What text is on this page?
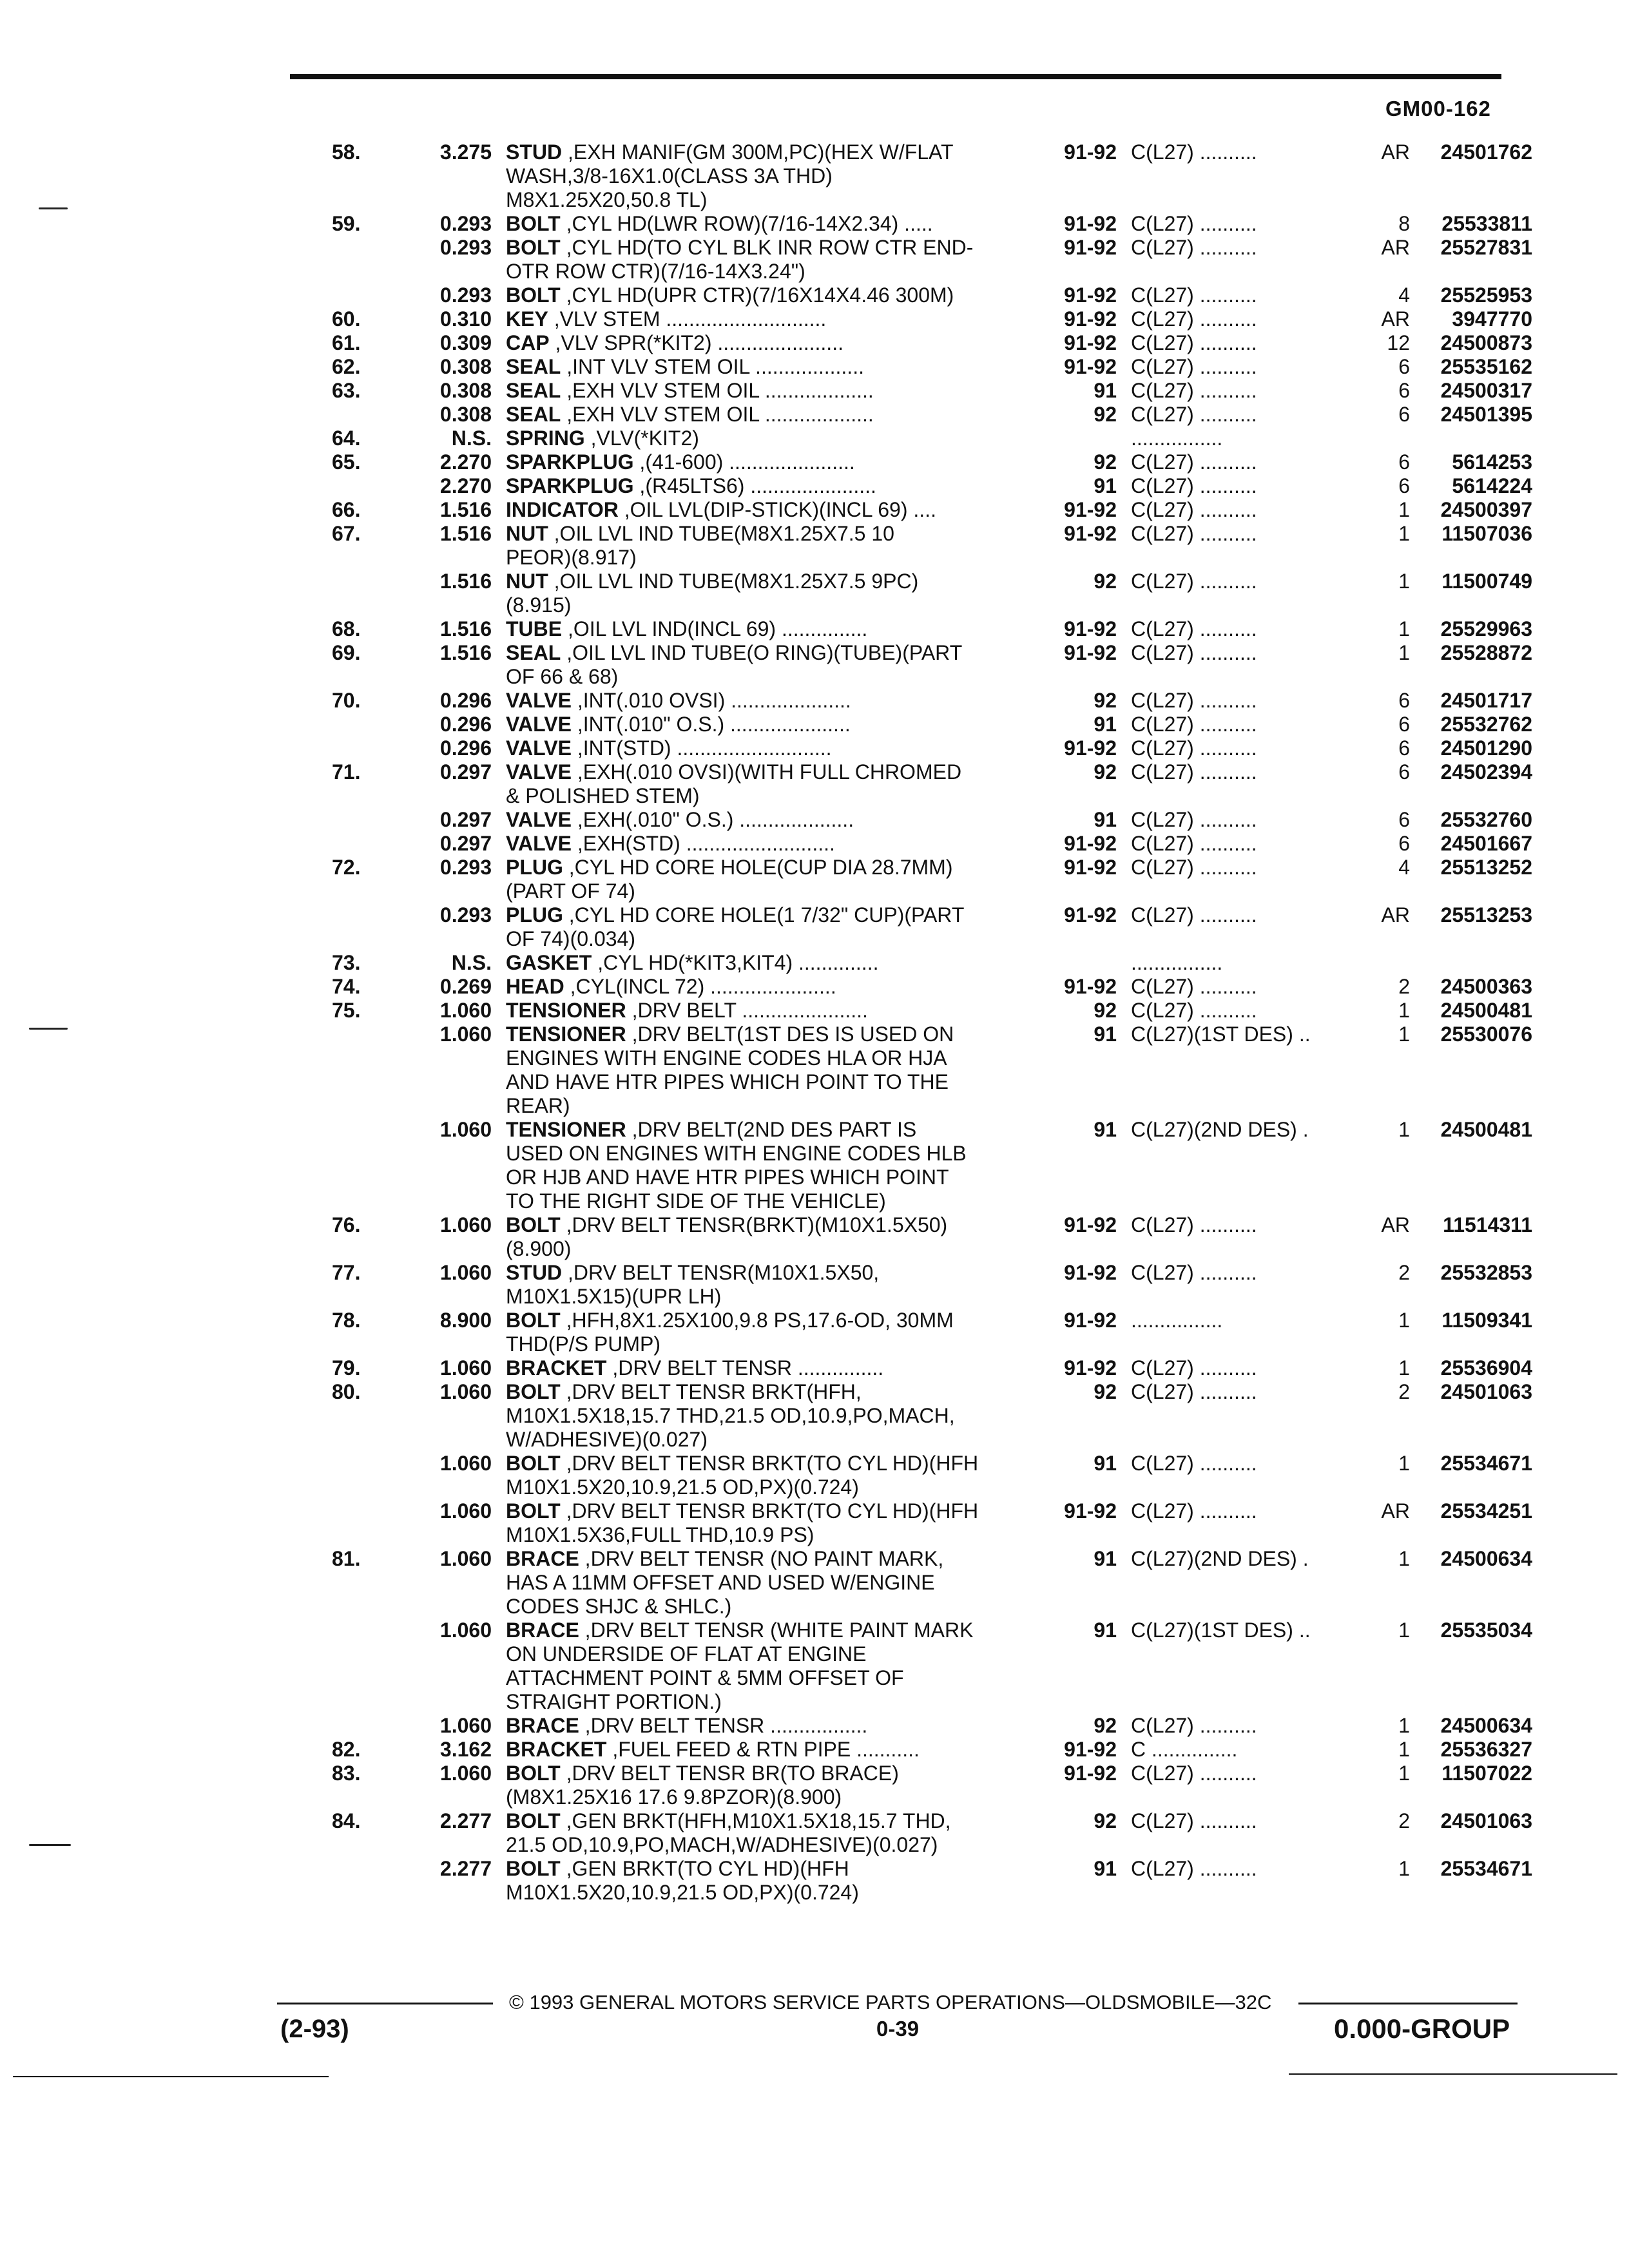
GM00-162
58.	3.275 STUD ,EXH MANIF(GM 300M,PC)(HEX W/FLAT	91-92 C(L27) ..........	AR 24501762
WASH,3/8-16X1.0(CLASS 3A THD)
M8X1.25X20,50.8 TL)
59.	0.293 BOLT ,CYL HD(LWR ROW)(7/16-14X2.34) .....	91-92 C(L27) ..........	8 25533811
0.293 BOLT ,CYL HD(TO CYL BLK INR ROW CTR END-	91-92 C(L27) ..........	AR 25527831
OTR ROW CTR)(7/16-14X3.24")
0.293 BOLT ,CYL HD(UPR CTR)(7/16X14X4.46 300M)	91-92 C(L27) ..........	4 25525953
60.	0.310 KEY ,VLV STEM ............................	91-92 C(L27) ..........	AR 3947770
61.	0.309 CAP ,VLV SPR(*KIT2) ......................	91-92 C(L27) ..........	12 24500873
62.	0.308 SEAL ,INT VLV STEM OIL ...................	91-92 C(L27) ..........	6 25535162
63.	0.308 SEAL ,EXH VLV STEM OIL ...................	91 C(L27) ..........	6 24500317
0.308 SEAL ,EXH VLV STEM OIL ...................	92 C(L27) ..........	6 24501395
64.	N.S. SPRING ,VLV(*KIT2)	................
65.	2.270 SPARKPLUG ,(41-600) ......................	92 C(L27) ..........	6 5614253
2.270 SPARKPLUG ,(R45LTS6) ......................	91 C(L27) ..........	6 5614224
66.	1.516 INDICATOR ,OIL LVL(DIP-STICK)(INCL 69) ....	91-92 C(L27) ..........	1 24500397
67.	1.516 NUT ,OIL LVL IND TUBE(M8X1.25X7.5 10	91-92 C(L27) ..........	1 11507036
PEOR)(8.917)
1.516 NUT ,OIL LVL IND TUBE(M8X1.25X7.5 9PC)	92 C(L27) ..........	1 11500749
(8.915)
68.	1.516 TUBE ,OIL LVL IND(INCL 69) ...............	91-92 C(L27) ..........	1 25529963
69.	1.516 SEAL ,OIL LVL IND TUBE(O RING)(TUBE)(PART	91-92 C(L27) ..........	1 25528872
OF 66 & 68)
70.	0.296 VALVE ,INT(.010 OVSI) .....................	92 C(L27) ..........	6 24501717
0.296 VALVE ,INT(.010" O.S.) .....................	91 C(L27) ..........	6 25532762
0.296 VALVE ,INT(STD) ...........................	91-92 C(L27) ..........	6 24501290
71.	0.297 VALVE ,EXH(.010 OVSI)(WITH FULL CHROMED	92 C(L27) ..........	6 24502394
& POLISHED STEM)
0.297 VALVE ,EXH(.010" O.S.) ....................	91 C(L27) ..........	6 25532760
0.297 VALVE ,EXH(STD) ..........................	91-92 C(L27) ..........	6 24501667
72.	0.293 PLUG ,CYL HD CORE HOLE(CUP DIA 28.7MM)	91-92 C(L27) ..........	4 25513252
(PART OF 74)
0.293 PLUG ,CYL HD CORE HOLE(1 7/32" CUP)(PART	91-92 C(L27) ..........	AR 25513253
OF 74)(0.034)
73.	N.S. GASKET ,CYL HD(*KIT3,KIT4) ..............	................
74.	0.269 HEAD ,CYL(INCL 72) ......................	91-92 C(L27) ..........	2 24500363
75.	1.060 TENSIONER ,DRV BELT ......................	92 C(L27) ..........	1 24500481
1.060 TENSIONER ,DRV BELT(1ST DES IS USED ON	91 C(L27)(1ST DES) ..	1 25530076
ENGINES WITH ENGINE CODES HLA OR HJA
AND HAVE HTR PIPES WHICH POINT TO THE
REAR)
1.060 TENSIONER ,DRV BELT(2ND DES PART IS	91 C(L27)(2ND DES) .	1 24500481
USED ON ENGINES WITH ENGINE CODES HLB
OR HJB AND HAVE HTR PIPES WHICH POINT
TO THE RIGHT SIDE OF THE VEHICLE)
76.	1.060 BOLT ,DRV BELT TENSR(BRKT)(M10X1.5X50)	91-92 C(L27) ..........	AR 11514311
(8.900)
77.	1.060 STUD ,DRV BELT TENSR(M10X1.5X50,	91-92 C(L27) ..........	2 25532853
M10X1.5X15)(UPR LH)
78.	8.900 BOLT ,HFH,8X1.25X100,9.8 PS,17.6-OD, 30MM	91-92 ................	1 11509341
THD(P/S PUMP)
79.	1.060 BRACKET ,DRV BELT TENSR ...............	91-92 C(L27) ..........	1 25536904
80.	1.060 BOLT ,DRV BELT TENSR BRKT(HFH,	92 C(L27) ..........	2 24501063
M10X1.5X18,15.7 THD,21.5 OD,10.9,PO,MACH,
W/ADHESIVE)(0.027)
1.060 BOLT ,DRV BELT TENSR BRKT(TO CYL HD)(HFH	91 C(L27) ..........	1 25534671
M10X1.5X20,10.9,21.5 OD,PX)(0.724)
1.060 BOLT ,DRV BELT TENSR BRKT(TO CYL HD)(HFH	91-92 C(L27) ..........	AR 25534251
M10X1.5X36,FULL THD,10.9 PS)
81.	1.060 BRACE ,DRV BELT TENSR (NO PAINT MARK,	91 C(L27)(2ND DES) .	1 24500634
HAS A 11MM OFFSET AND USED W/ENGINE
CODES SHJC & SHLC.)
1.060 BRACE ,DRV BELT TENSR (WHITE PAINT MARK	91 C(L27)(1ST DES) ..	1 25535034
ON UNDERSIDE OF FLAT AT ENGINE
ATTACHMENT POINT & 5MM OFFSET OF
STRAIGHT PORTION.)
1.060 BRACE ,DRV BELT TENSR .................	92 C(L27) ..........	1 24500634
82.	3.162 BRACKET ,FUEL FEED & RTN PIPE ...........	91-92 C ...............	1 25536327
83.	1.060 BOLT ,DRV BELT TENSR BR(TO BRACE)	91-92 C(L27) ..........	1 11507022
(M8X1.25X16 17.6 9.8PZOR)(8.900)
84.	2.277 BOLT ,GEN BRKT(HFH,M10X1.5X18,15.7 THD,	92 C(L27) ..........	2 24501063
21.5 OD,10.9,PO,MACH,W/ADHESIVE)(0.027)
2.277 BOLT ,GEN BRKT(TO CYL HD)(HFH	91 C(L27) ..........	1 25534671
M10X1.5X20,10.9,21.5 OD,PX)(0.724)
© 1993 GENERAL MOTORS SERVICE PARTS OPERATIONS—OLDSMOBILE—32C
0-39
(2-93)	0.000-GROUP
